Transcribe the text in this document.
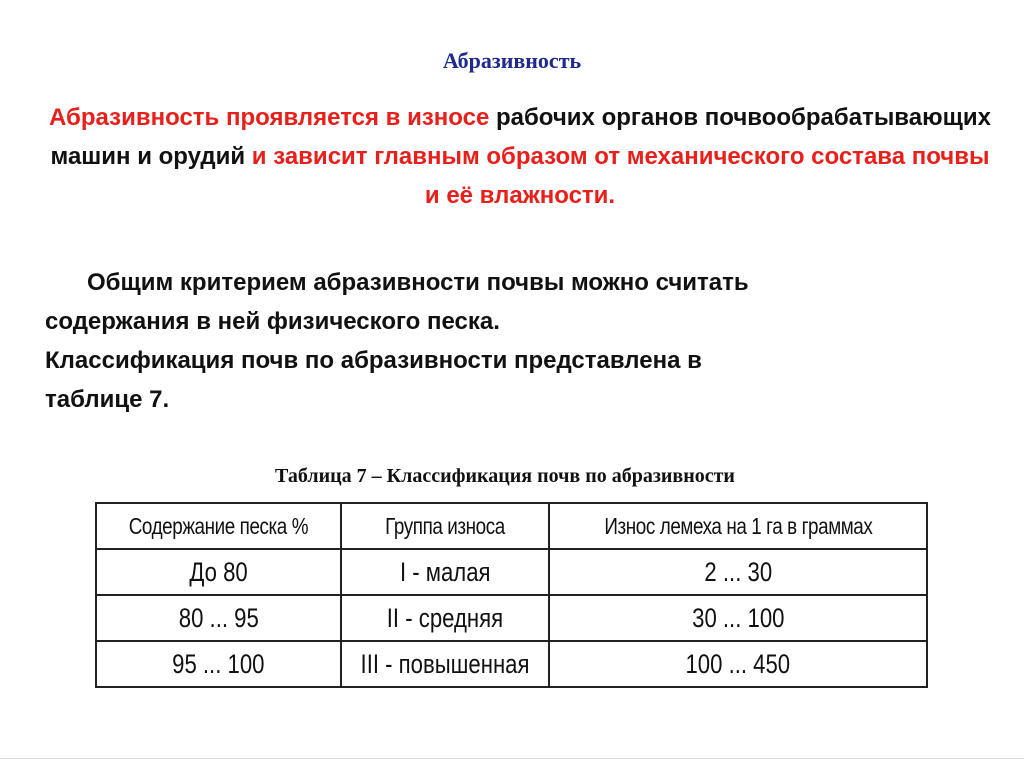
Абразивность
Абразивность проявляется в износе рабочих органов почвообрабатывающих машин и орудий и зависит главным образом от механического состава почвы и её влажности.
Общим критерием абразивности почвы можно считать
содержания в ней физического песка.
Классификация почв по абразивности представлена в
таблице 7.
Таблица 7 – Классификация почв по абразивности
Содержание песка %	Группа износа	Износ лемеха на 1 га в граммах
До 80	I - малая	2 ... 30
80 ... 95	II - средняя	30 ... 100
95 ... 100	III - повышенная	100 ... 450
